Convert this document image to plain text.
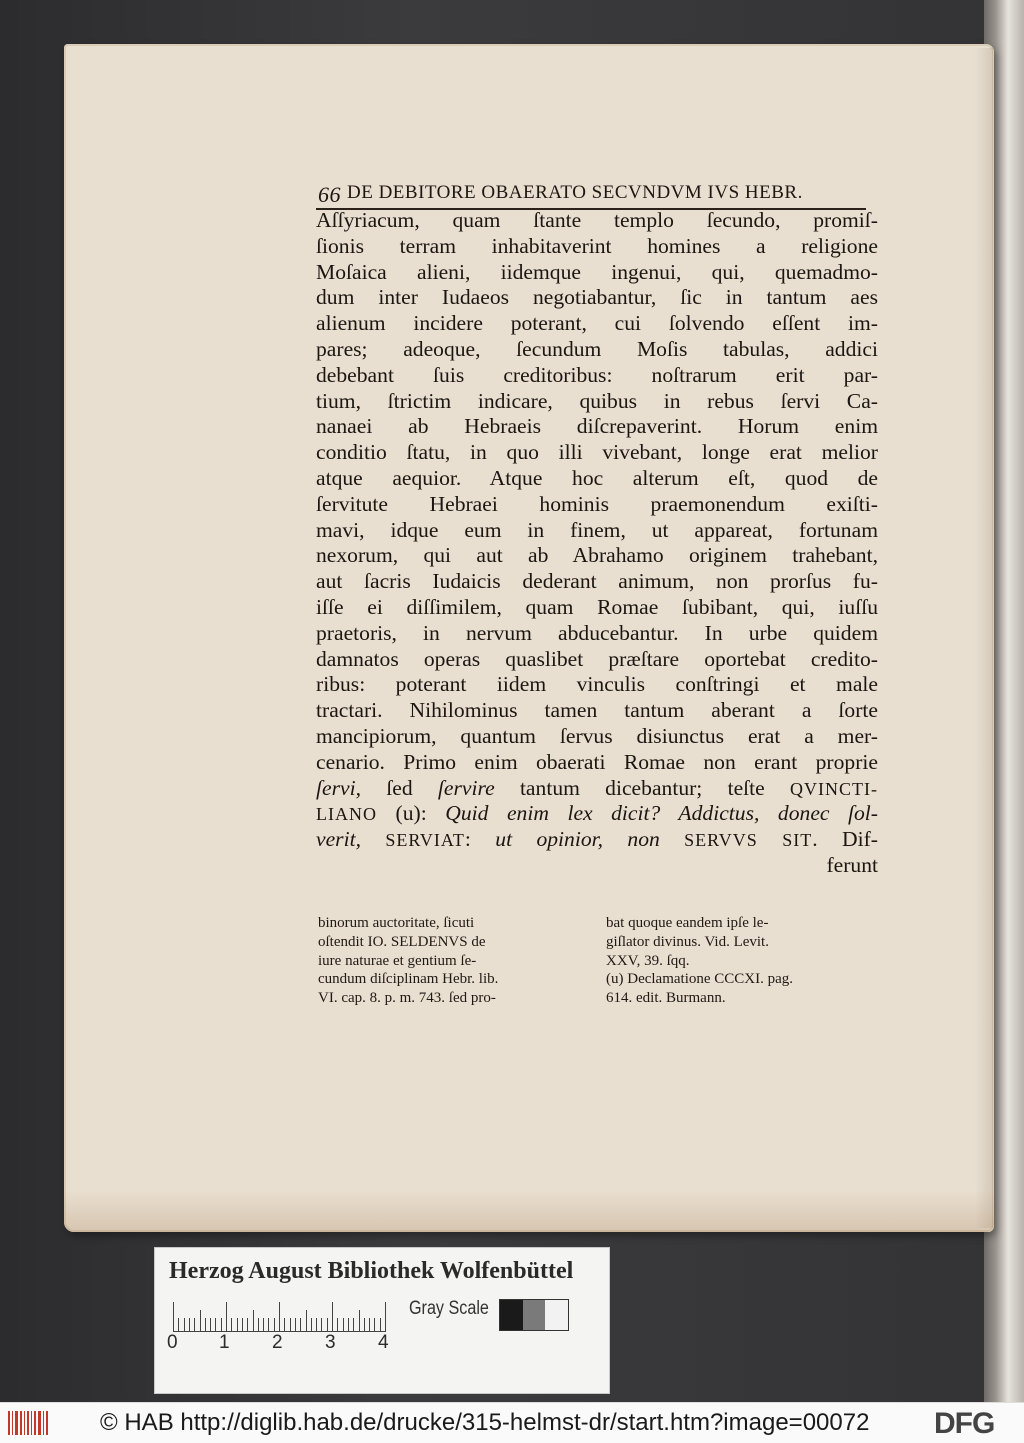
66 DE DEBITORE OBAERATO SECVNDVM IVS HEBR.
Aſſyriacum, quam ſtante templo ſecundo, promiſ-
ſionis terram inhabitaverint homines a religione
Moſaica alieni, iidemque ingenui, qui, quemadmo-
dum inter Iudaeos negotiabantur, ſic in tantum aes
alienum incidere poterant, cui ſolvendo eſſent im-
pares; adeoque, ſecundum Moſis tabulas, addici
debebant ſuis creditoribus: noſtrarum erit par-
tium, ſtrictim indicare, quibus in rebus ſervi Ca-
nanaei ab Hebraeis diſcrepaverint. Horum enim
conditio ſtatu, in quo illi vivebant, longe erat melior
atque aequior. Atque hoc alterum eſt, quod de
ſervitute Hebraei hominis praemonendum exiſti-
mavi, idque eum in finem, ut appareat, fortunam
nexorum, qui aut ab Abrahamo originem trahebant,
aut ſacris Iudaicis dederant animum, non prorſus fu-
iſſe ei diſſimilem, quam Romae ſubibant, qui, iuſſu
praetoris, in nervum abducebantur. In urbe quidem
damnatos operas quaslibet præſtare oportebat credito-
ribus: poterant iidem vinculis conſtringi et male
tractari. Nihilominus tamen tantum aberant a ſorte
mancipiorum, quantum ſervus disiunctus erat a mer-
cenario. Primo enim obaerati Romae non erant proprie
ſervi, ſed ſervire tantum dicebantur; teſte QVINCTI-
LIANO (u): Quid enim lex dicit? Addictus, donec ſol-
verit, SERVIAT: ut opinior, non SERVVS SIT. Dif-
ferunt
binorum auctoritate, ſicuti
oſtendit IO. SELDENVS de
iure naturae et gentium ſe-
cundum diſciplinam Hebr. lib.
VI. cap. 8. p. m. 743. ſed pro-
bat quoque eandem ipſe le-
giſlator divinus. Vid. Levit.
XXV, 39. ſqq.
(u) Declamatione CCCXI. pag.
614. edit. Burmann.
Herzog August Bibliothek Wolfenbüttel
0 1 2 3 4
Gray Scale
© HAB http://diglib.hab.de/drucke/315-helmst-dr/start.htm?image=00072 DFG
